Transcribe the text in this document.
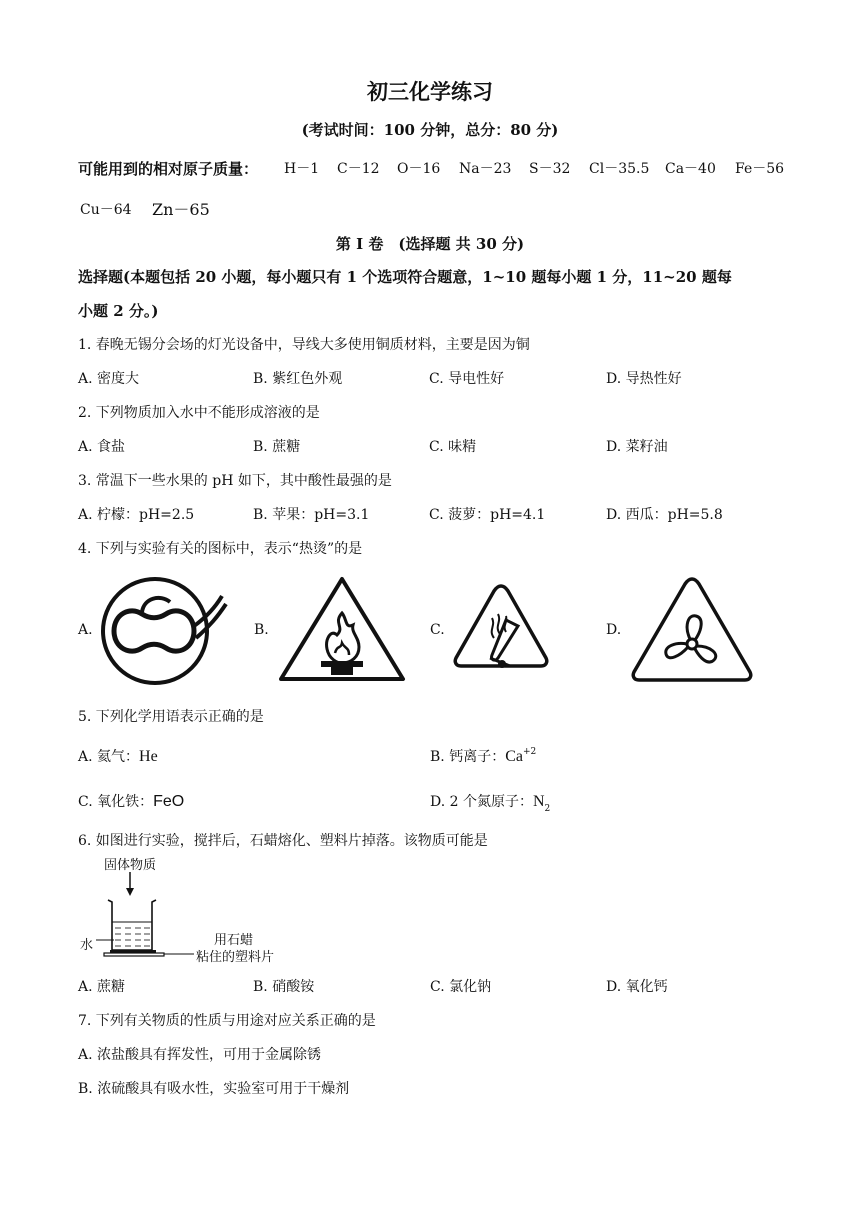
初三化学练习
(考试时间：100 分钟，总分：80 分)
可能用到的相对原子质量： H－1 C－12 O－16 Na－23 S－32 Cl－35.5 Ca－40 Fe－56
Cu－64 Zn－65
第 I 卷　(选择题 共 30 分)
选择题(本题包括 20 小题，每小题只有 1 个选项符合题意，1~10 题每小题 1 分，11~20 题每
小题 2 分。)
1. 春晚无锡分会场的灯光设备中，导线大多使用铜质材料，主要是因为铜
A. 密度大	B. 紫红色外观	C. 导电性好	D. 导热性好
2. 下列物质加入水中不能形成溶液的是
A. 食盐	B. 蔗糖	C. 味精	D. 菜籽油
3. 常温下一些水果的 pH 如下，其中酸性最强的是
A. 柠檬：pH=2.5	B. 苹果：pH=3.1	C. 菠萝：pH=4.1	D. 西瓜：pH=5.8
4. 下列与实验有关的图标中，表示“热烫”的是
A.	B.	C.	D.
5. 下列化学用语表示正确的是
A. 氦气：He	B. 钙离子：$Ca^{+2}$
C. 氧化铁：FeO	D. 2 个氮原子：$N_2$
6. 如图进行实验，搅拌后，石蜡熔化、塑料片掉落。该物质可能是
固体物质
水	用石蜡
粘住的塑料片
A. 蔗糖	B. 硝酸铵	C. 氯化钠	D. 氧化钙
7. 下列有关物质的性质与用途对应关系正确的是
A. 浓盐酸具有挥发性，可用于金属除锈
B. 浓硫酸具有吸水性，实验室可用于干燥剂
